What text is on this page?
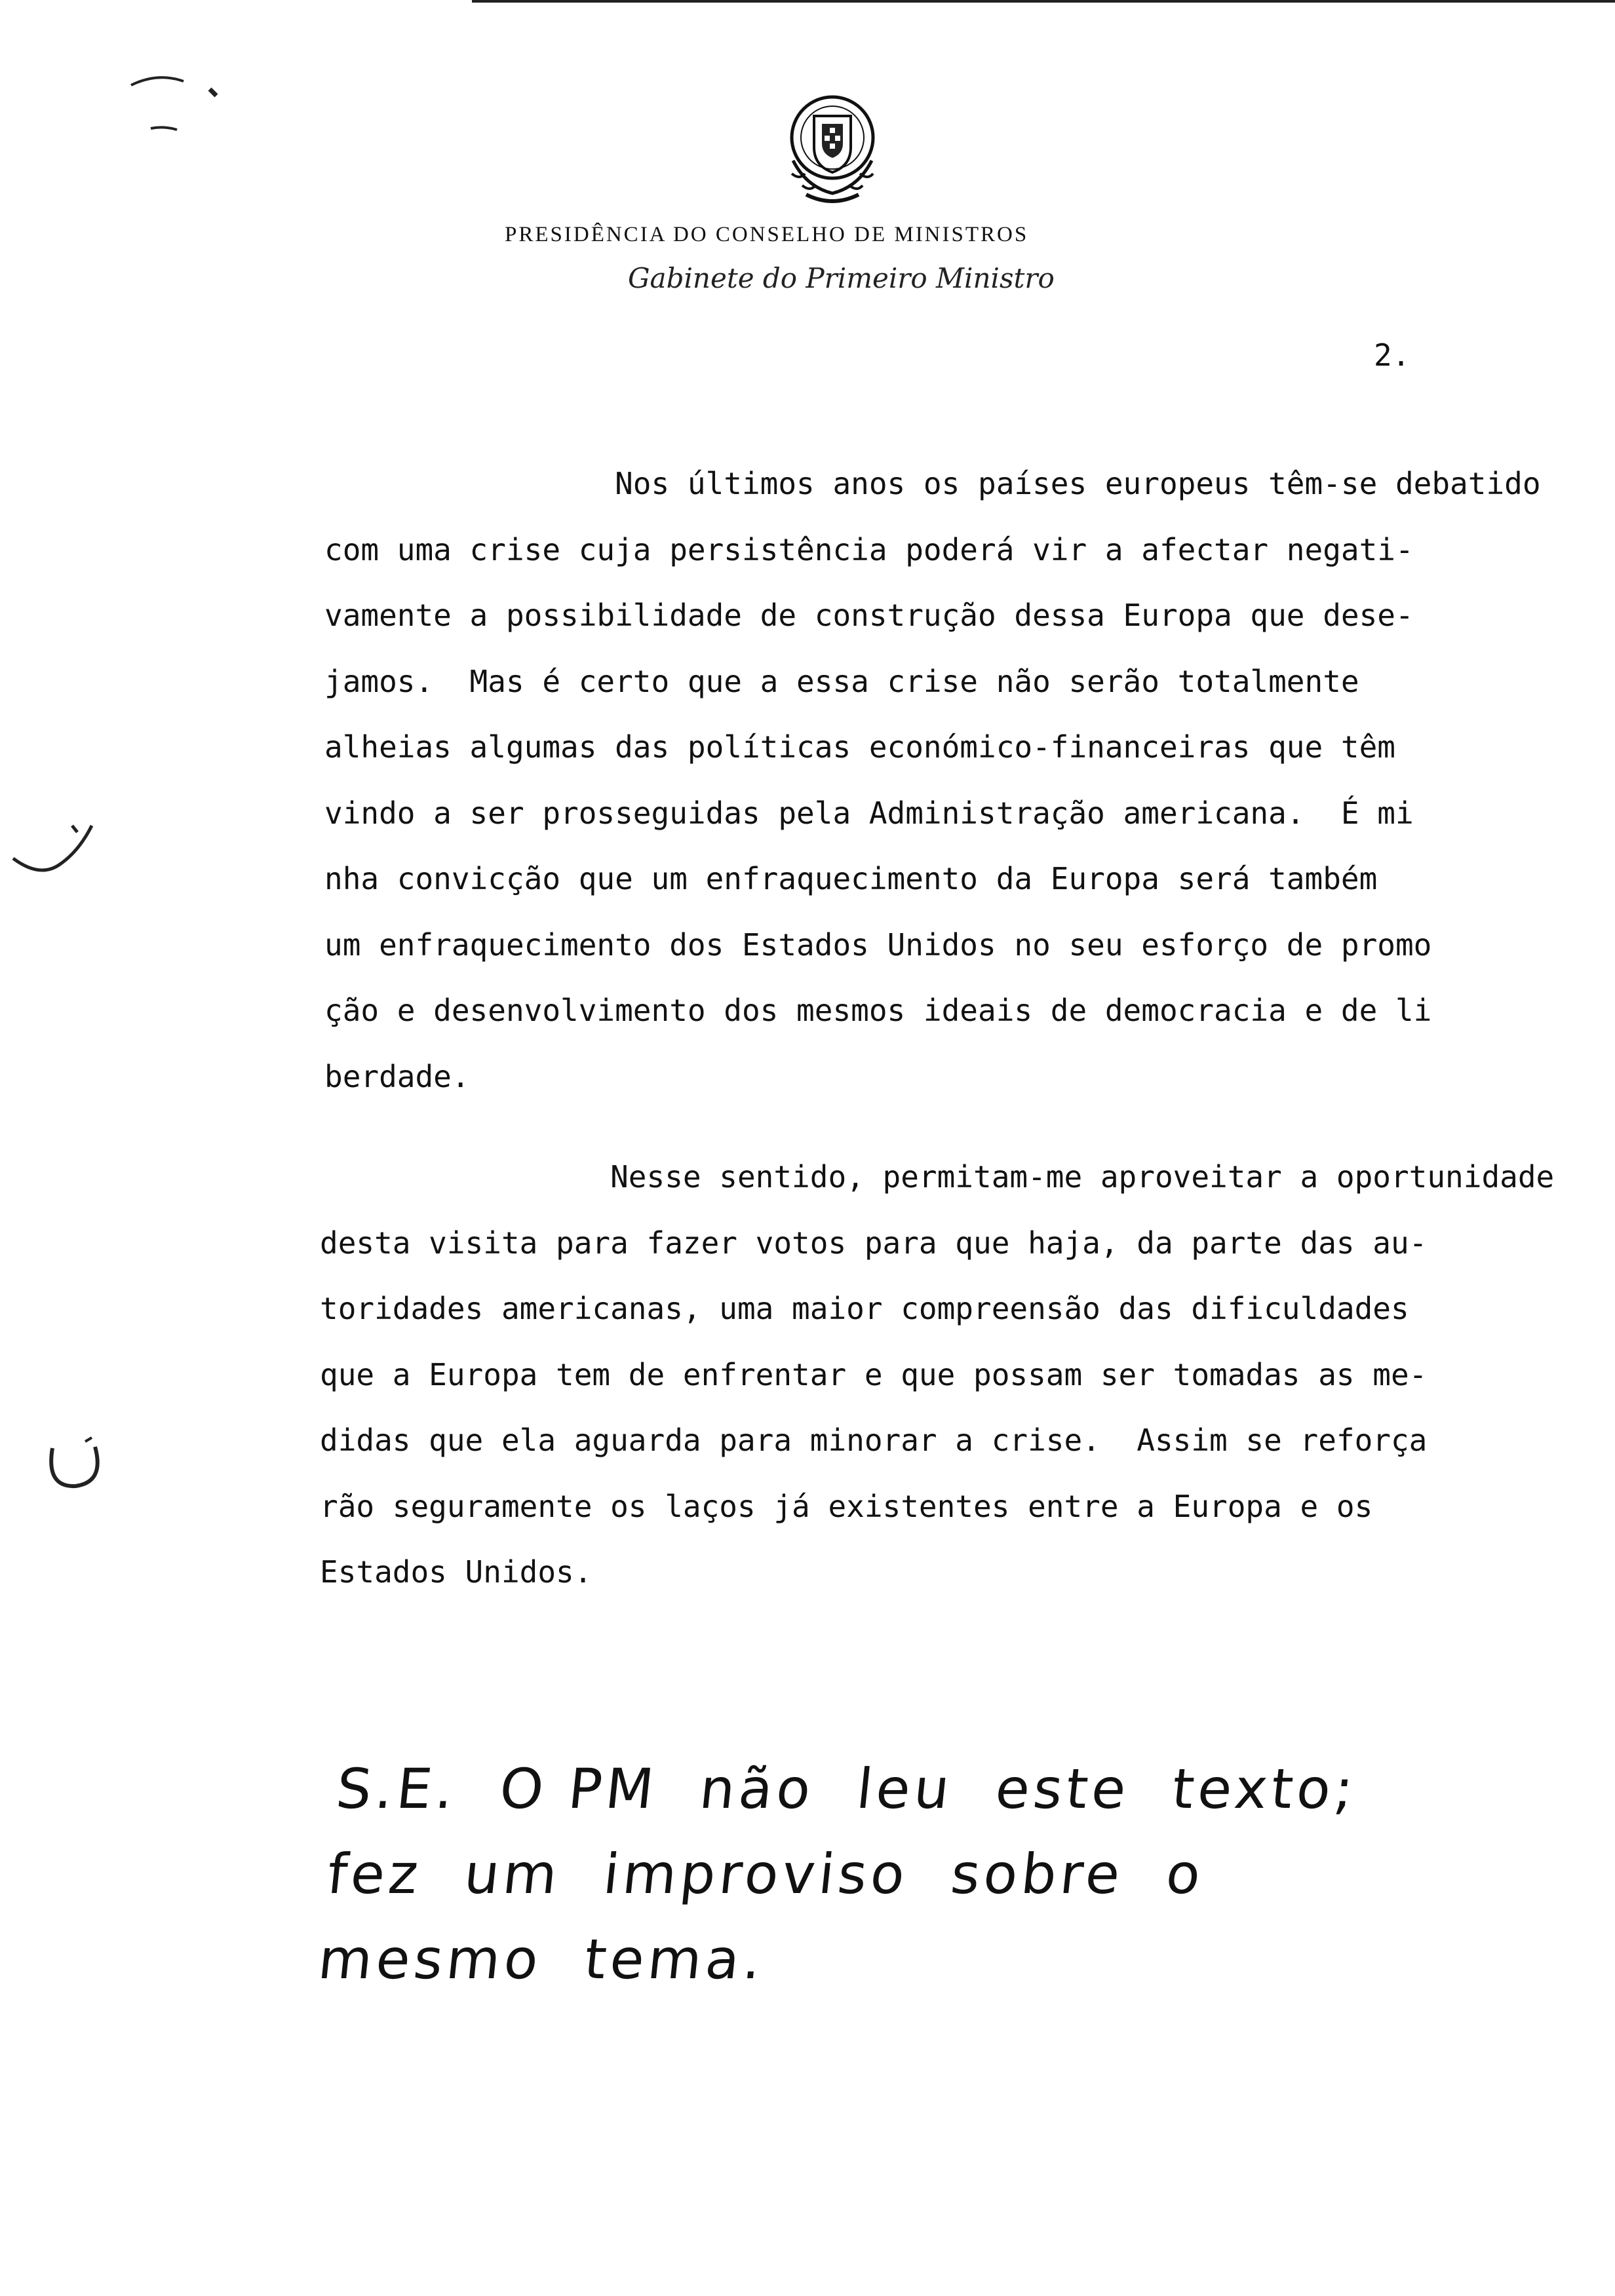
PRESIDÊNCIA DO CONSELHO DE MINISTROS
Gabinete do Primeiro Ministro
2.
Nos últimos anos os países europeus têm-se debatido
com uma crise cuja persistência poderá vir a afectar negati-
vamente a possibilidade de construção dessa Europa que dese-
jamos.  Mas é certo que a essa crise não serão totalmente
alheias algumas das políticas económico-financeiras que têm
vindo a ser prosseguidas pela Administração americana.  É mi
nha convicção que um enfraquecimento da Europa será também
um enfraquecimento dos Estados Unidos no seu esforço de promo
ção e desenvolvimento dos mesmos ideais de democracia e de li
berdade.
Nesse sentido, permitam-me aproveitar a oportunidade
desta visita para fazer votos para que haja, da parte das au-
toridades americanas, uma maior compreensão das dificuldades
que a Europa tem de enfrentar e que possam ser tomadas as me-
didas que ela aguarda para minorar a crise.  Assim se reforça
rão seguramente os laços já existentes entre a Europa e os
Estados Unidos.
S.E.  O PM  não  leu  este  texto;
fez  um  improviso  sobre  o
mesmo  tema.
